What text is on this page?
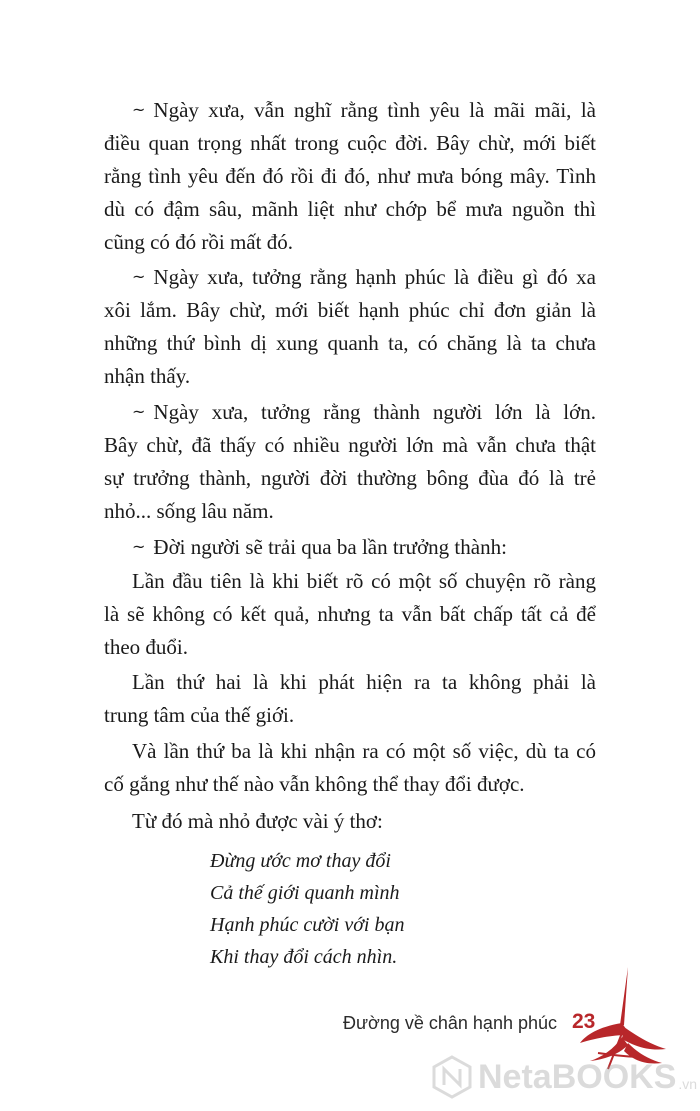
~ Ngày xưa, vẫn nghĩ rằng tình yêu là mãi mãi, là
điều quan trọng nhất trong cuộc đời. Bây chừ, mới biết
rằng tình yêu đến đó rồi đi đó, như mưa bóng mây. Tình
dù có đậm sâu, mãnh liệt như chớp bể mưa nguồn thì
cũng có đó rồi mất đó.
~ Ngày xưa, tưởng rằng hạnh phúc là điều gì đó xa
xôi lắm. Bây chừ, mới biết hạnh phúc chỉ đơn giản là
những thứ bình dị xung quanh ta, có chăng là ta chưa
nhận thấy.
~ Ngày xưa, tưởng rằng thành người lớn là lớn.
Bây chừ, đã thấy có nhiều người lớn mà vẫn chưa thật
sự trưởng thành, người đời thường bông đùa đó là trẻ
nhỏ... sống lâu năm.
~ Đời người sẽ trải qua ba lần trưởng thành:
Lần đầu tiên là khi biết rõ có một số chuyện rõ ràng
là sẽ không có kết quả, nhưng ta vẫn bất chấp tất cả để
theo đuổi.
Lần thứ hai là khi phát hiện ra ta không phải là
trung tâm của thế giới.
Và lần thứ ba là khi nhận ra có một số việc, dù ta có
cố gắng như thế nào vẫn không thể thay đổi được.
Từ đó mà nhỏ được vài ý thơ:
Đừng ước mơ thay đổi
Cả thế giới quanh mình
Hạnh phúc cười với bạn
Khi thay đổi cách nhìn.
Đường về chân hạnh phúc 23
NetaBOOKS .vn
